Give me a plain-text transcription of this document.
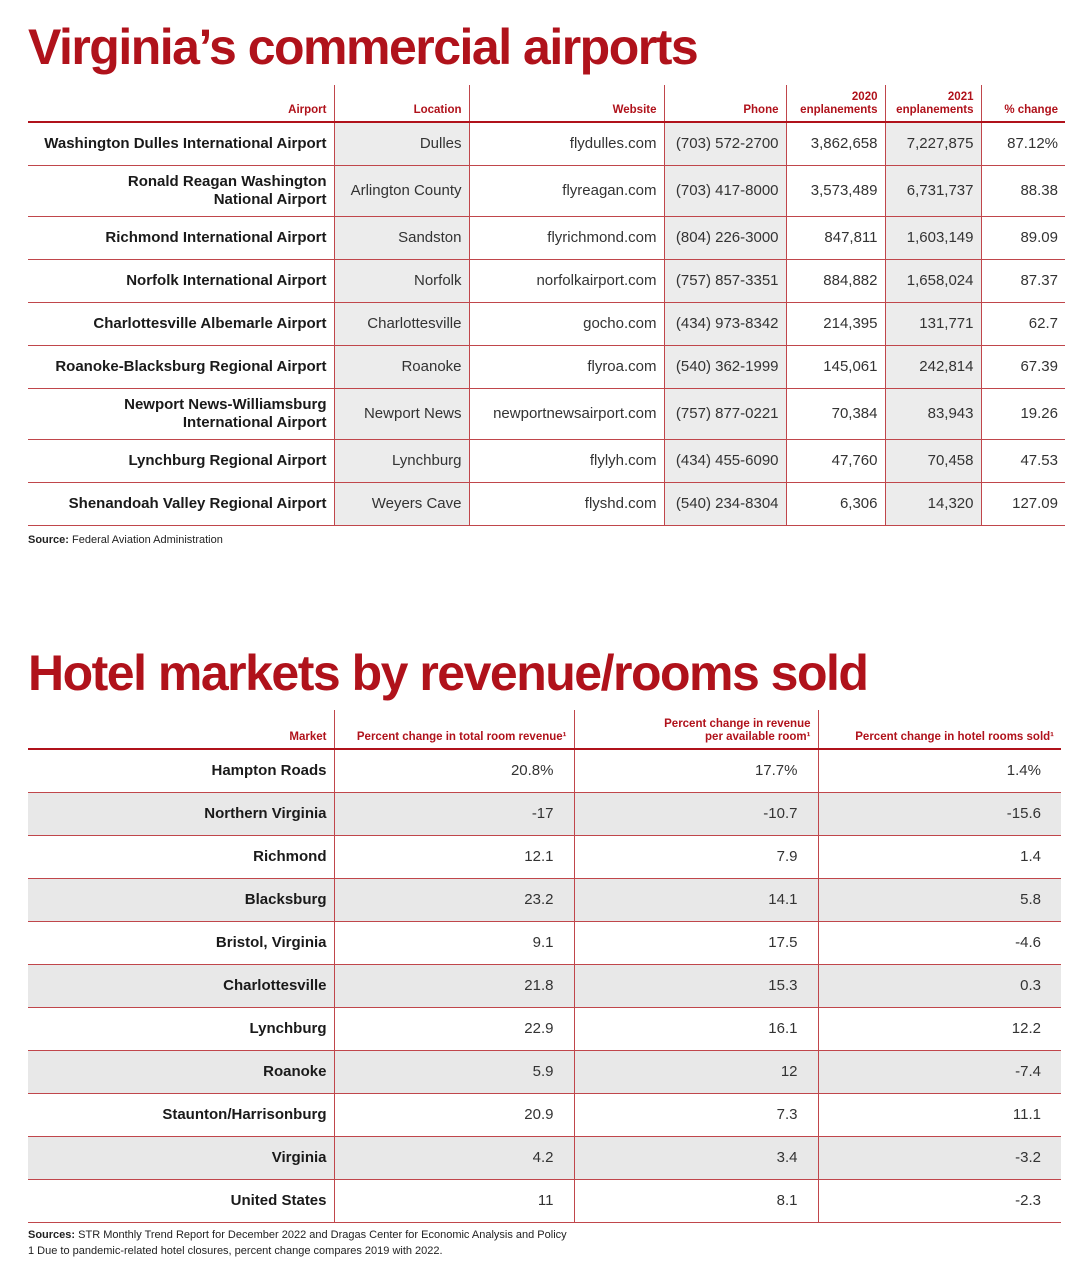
Virginia’s commercial airports
Airport	Location	Website	Phone	2020
enplanements	2021
enplanements	% change
Washington Dulles International Airport	Dulles	flydulles.com	(703) 572-2700	3,862,658	7,227,875	87.12%
Ronald Reagan Washington
National Airport	Arlington County	flyreagan.com	(703) 417-8000	3,573,489	6,731,737	88.38
Richmond International Airport	Sandston	flyrichmond.com	(804) 226-3000	847,811	1,603,149	89.09
Norfolk International Airport	Norfolk	norfolkairport.com	(757) 857-3351	884,882	1,658,024	87.37
Charlottesville Albemarle Airport	Charlottesville	gocho.com	(434) 973-8342	214,395	131,771	62.7
Roanoke-Blacksburg Regional Airport	Roanoke	flyroa.com	(540) 362-1999	145,061	242,814	67.39
Newport News-Williamsburg
International Airport	Newport News	newportnewsairport.com	(757) 877-0221	70,384	83,943	19.26
Lynchburg Regional Airport	Lynchburg	flylyh.com	(434) 455-6090	47,760	70,458	47.53
Shenandoah Valley Regional Airport	Weyers Cave	flyshd.com	(540) 234-8304	6,306	14,320	127.09

Source: Federal Aviation Administration

Hotel markets by revenue/rooms sold
Market	Percent change in total room revenue¹	Percent change in revenue
per available room¹	Percent change in hotel rooms sold¹
Hampton Roads	20.8%	17.7%	1.4%
Northern Virginia	-17	-10.7	-15.6
Richmond	12.1	7.9	1.4
Blacksburg	23.2	14.1	5.8
Bristol, Virginia	9.1	17.5	-4.6
Charlottesville	21.8	15.3	0.3
Lynchburg	22.9	16.1	12.2
Roanoke	5.9	12	-7.4
Staunton/Harrisonburg	20.9	7.3	11.1
Virginia	4.2	3.4	-3.2
United States	11	8.1	-2.3

Sources: STR Monthly Trend Report for December 2022 and Dragas Center for Economic Analysis and Policy

1 Due to pandemic-related hotel closures, percent change compares 2019 with 2022.
